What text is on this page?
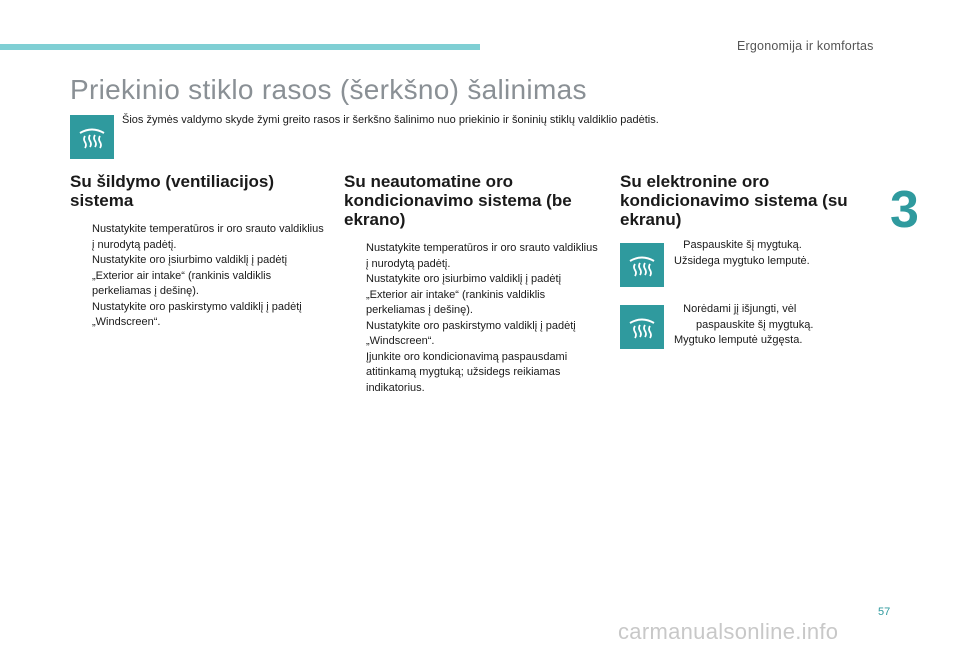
Ergonomija ir komfortas
Priekinio stiklo rasos (šerkšno) šalinimas
Šios žymės valdymo skyde žymi greito rasos ir šerkšno šalinimo nuo priekinio ir šoninių stiklų valdiklio padėtis.
Su šildymo (ventiliacijos)
sistema
Nustatykite temperatūros ir oro srauto valdiklius į nurodytą padėtį.
Nustatykite oro įsiurbimo valdiklį į padėtį „Exterior air intake“ (rankinis valdiklis perkeliamas į dešinę).
Nustatykite oro paskirstymo valdiklį į padėtį „Windscreen“.
Su neautomatine oro
kondicionavimo sistema (be
ekrano)
Nustatykite temperatūros ir oro srauto valdiklius į nurodytą padėtį.
Nustatykite oro įsiurbimo valdiklį į padėtį „Exterior air intake“ (rankinis valdiklis perkeliamas į dešinę).
Nustatykite oro paskirstymo valdiklį į padėtį „Windscreen“.
Įjunkite oro kondicionavimą paspausdami atitinkamą mygtuką; užsidegs reikiamas indikatorius.
Su elektronine oro
kondicionavimo sistema (su
ekranu)
Paspauskite šį mygtuką.
Užsidega mygtuko lemputė.
Norėdami jį išjungti, vėl
paspauskite šį mygtuką.
Mygtuko lemputė užgęsta.
3
57
carmanualsonline.info
